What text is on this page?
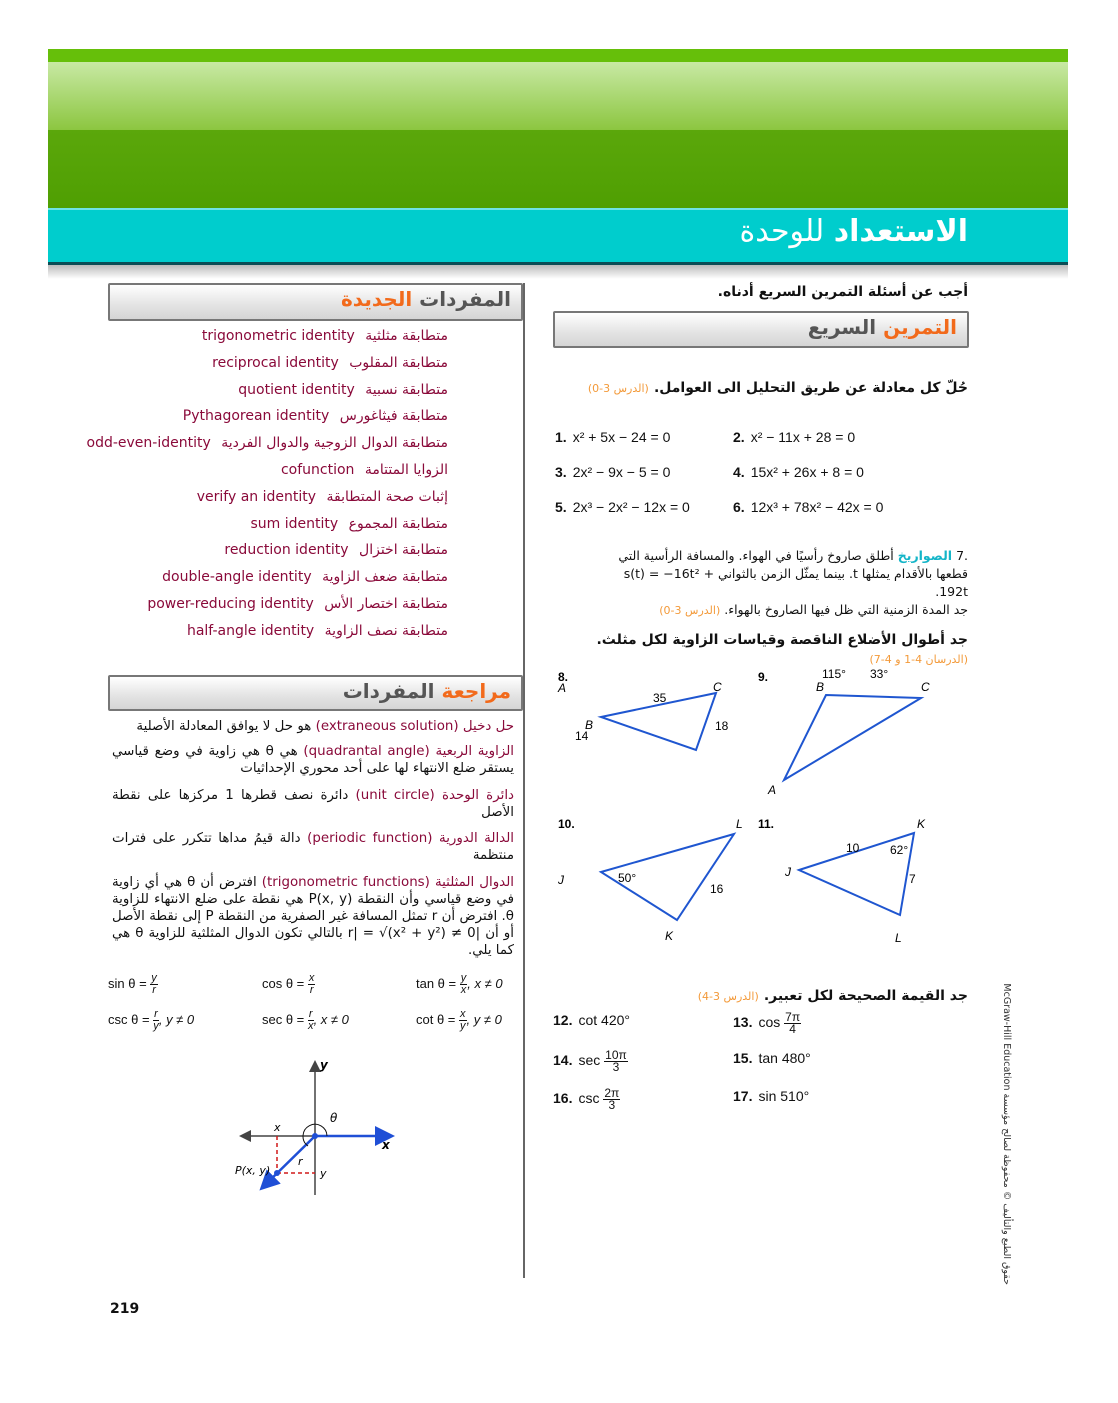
الاستعداد للوحدة
المفردات الجديدة
متطابقة مثلثية trigonometric identity
متطابقة المقلوب reciprocal identity
متطابقة نسبية quotient identity
متطابقة فيثاغورس Pythagorean identity
متطابقة الدوال الزوجية والدوال الفردية odd-even-identity
الزوايا المتتامة cofunction
إثبات صحة المتطابقة verify an identity
متطابقة المجموع sum identity
متطابقة اختزال reduction identity
متطابقة ضعف الزاوية double-angle identity
متطابقة اختصار الأس power-reducing identity
متطابقة نصف الزاوية half-angle identity
مراجعة المفردات
حل دخيل (extraneous solution) هو حل لا يوافق المعادلة الأصلية
الزاوية الربعية (quadrantal angle) هي θ هي زاوية في وضع قياسي يستقر ضلع الانتهاء لها على أحد محوري الإحداثيات
دائرة الوحدة (unit circle) دائرة نصف قطرها 1 مركزها على نقطة الأصل
الدالة الدورية (periodic function) دالة قيمُ مداها تتكرر على فترات منتظمة
الدوال المثلثية (trigonometric functions) افترض أن θ هي أي زاوية في وضع قياسي وأن النقطة P(x, y) هي نقطة على ضلع الانتهاء للزاوية θ. افترض أن r تمثل المسافة غير الصفرية من النقطة P إلى نقطة الأصل أو أن |r| = √(x² + y²) ≠ 0 بالتالي تكون الدوال المثلثية للزاوية θ هي كما يلي.
$\sin \theta = \frac{y}{r}$	$\cos \theta = \frac{x}{r}$	$\tan \theta = \frac{y}{x}$ , x ≠ 0
$\csc \theta = \frac{r}{y}$ , y ≠ 0	$\sec \theta = \frac{r}{x}$ , x ≠ 0	$\cot \theta = \frac{x}{y}$ , y ≠ 0
y
x
θ
x
y
r
P(x, y)
أجب عن أسئلة التمرين السريع أدناه.
التمرين السريع
حُلّ كل معادلة عن طريق التحليل الى العوامل. (الدرس 3-0)
1. x² + 5x − 24 = 0	2. x² − 11x + 28 = 0
3. 2x² − 9x − 5 = 0	4. 15x² + 26x + 8 = 0
5. 2x³ − 2x² − 12x = 0	6. 12x³ + 78x² − 42x = 0
.7 الصواريخ أطلق صاروخ رأسيًا في الهواء. والمسافة الرأسية التي قطعها بالأقدام يمثلها t. بينما يمثّل الزمن بالثواني s(t) = −16t² + 192t.
جد المدة الزمنية التي ظل فيها الصاروخ بالهواء. (الدرس 3-0)
جد أطوال الأضلاع الناقصة وقياسات الزاوية لكل مثلث. (الدرسان 4-1 و 4-7)
8.
A
B
C
35
18
9.
A
B	C
14
115° 33°
10.
J
K
L
50°
16
11.
J
K
L
10	62°
7
جد القيمة الصحيحة لكل تعبير. (الدرس 3-4)
12. cot 420°	13. $\cos \frac{7\pi}{4}$
14. $\sec \frac{10\pi}{3}$	15. tan 480°
16. $\csc \frac{2\pi}{3}$	17. sin 510°
219
حقوق الطبع والتأليف © محفوظة لصالح مؤسسة McGraw-Hill Education
